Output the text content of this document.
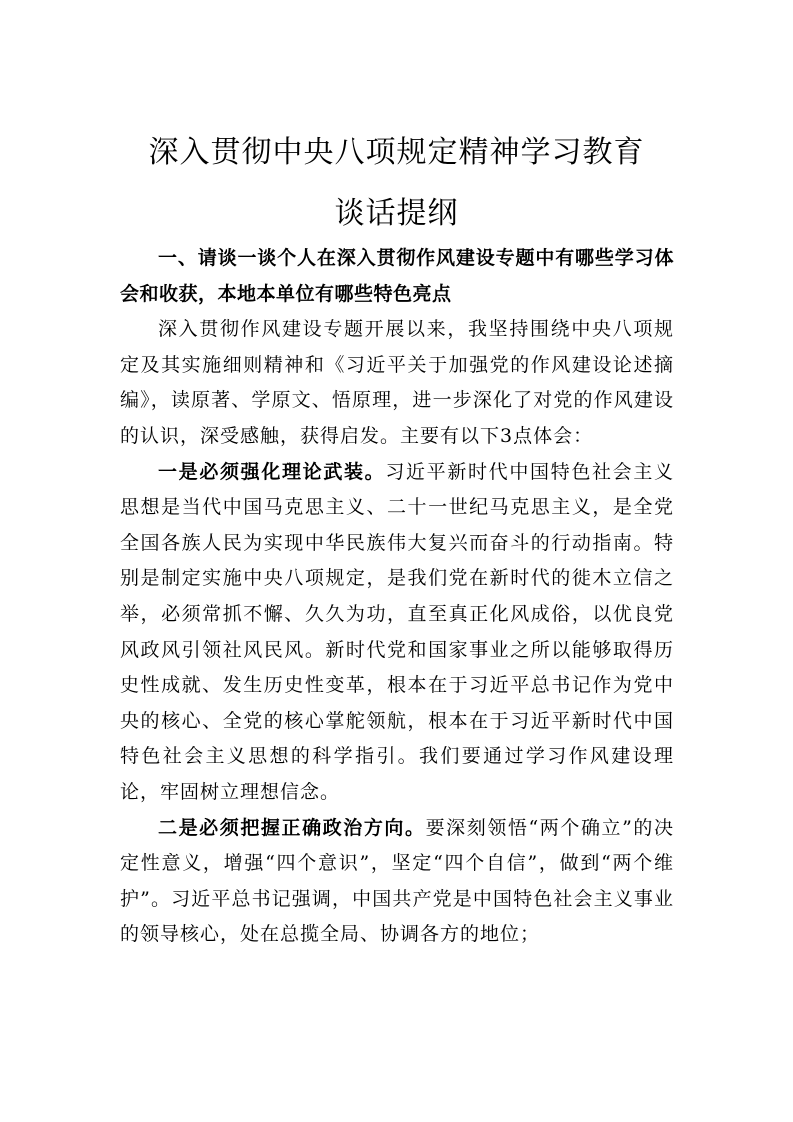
深入贯彻中央八项规定精神学习教育
谈话提纲

一、请谈一谈个人在深入贯彻作风建设专题中有哪些学习体会和收获，本地本单位有哪些特色亮点

深入贯彻作风建设专题开展以来，我坚持围绕中央八项规定及其实施细则精神和《习近平关于加强党的作风建设论述摘编》，读原著、学原文、悟原理，进一步深化了对党的作风建设的认识，深受感触，获得启发。主要有以下3点体会：

一是必须强化理论武装。习近平新时代中国特色社会主义思想是当代中国马克思主义、二十一世纪马克思主义，是全党全国各族人民为实现中华民族伟大复兴而奋斗的行动指南。特别是制定实施中央八项规定，是我们党在新时代的徙木立信之举，必须常抓不懈、久久为功，直至真正化风成俗，以优良党风政风引领社风民风。新时代党和国家事业之所以能够取得历史性成就、发生历史性变革，根本在于习近平总书记作为党中央的核心、全党的核心掌舵领航，根本在于习近平新时代中国特色社会主义思想的科学指引。我们要通过学习作风建设理论，牢固树立理想信念。

二是必须把握正确政治方向。要深刻领悟“两个确立”的决定性意义，增强“四个意识”，坚定“四个自信”，做到“两个维护”。习近平总书记强调，中国共产党是中国特色社会主义事业的领导核心，处在总揽全局、协调各方的地位；
